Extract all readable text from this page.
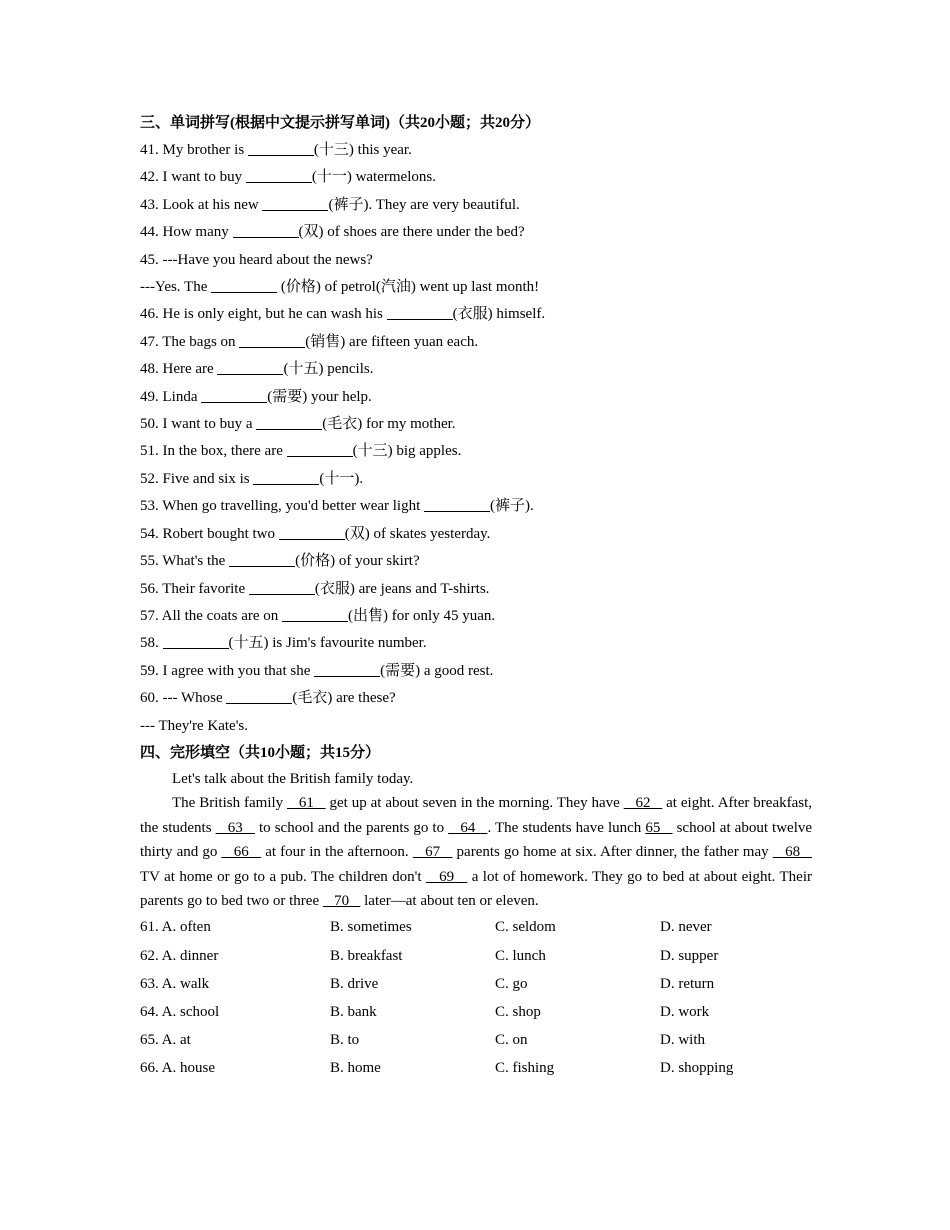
三、单词拼写(根据中文提示拼写单词)（共20小题；共20分）
41. My brother is	(十三) this year.
42. I want to buy	(十一) watermelons.
43. Look at his new	(裤子). They are very beautiful.
44. How many	(双) of shoes are there under the bed?
45. ---Have you heard about the news?
---Yes. The	(价格) of petrol(汽油) went up last month!
46. He is only eight, but he can wash his	(衣服) himself.
47. The bags on	(销售) are fifteen yuan each.
48. Here are	(十五) pencils.
49. Linda	(需要) your help.
50. I want to buy a	(毛衣) for my mother.
51. In the box, there are	(十三) big apples.
52. Five and six is	(十一).
53. When go travelling, you'd better wear light	(裤子).
54. Robert bought two	(双) of skates yesterday.
55. What's the	(价格) of your skirt?
56. Their favorite	(衣服) are jeans and T-shirts.
57. All the coats are on	(出售) for only 45 yuan.
58.	(十五) is Jim's favourite number.
59. I agree with you that she	(需要) a good rest.
60. --- Whose	(毛衣) are these?
--- They're Kate's.
四、完形填空（共10小题；共15分）
Let's talk about the British family today.
The British family    61    get up at about seven in the morning. They have    62    at eight. After breakfast, the students    63    to school and the parents go to    64   . The students have lunch 65    school at about twelve thirty and go    66    at four in the afternoon.    67    parents go home at six. After dinner, the father may    68    TV at home or go to a pub. The children don't    69    a lot of homework. They go to bed at about eight. Their parents go to bed two or three    70    later—at about ten or eleven.
61. A. often	B. sometimes	C. seldom	D. never
62. A. dinner	B. breakfast	C. lunch	D. supper
63. A. walk	B. drive	C. go	D. return
64. A. school	B. bank	C. shop	D. work
65. A. at	B. to	C. on	D. with
66. A. house	B. home	C. fishing	D. shopping
